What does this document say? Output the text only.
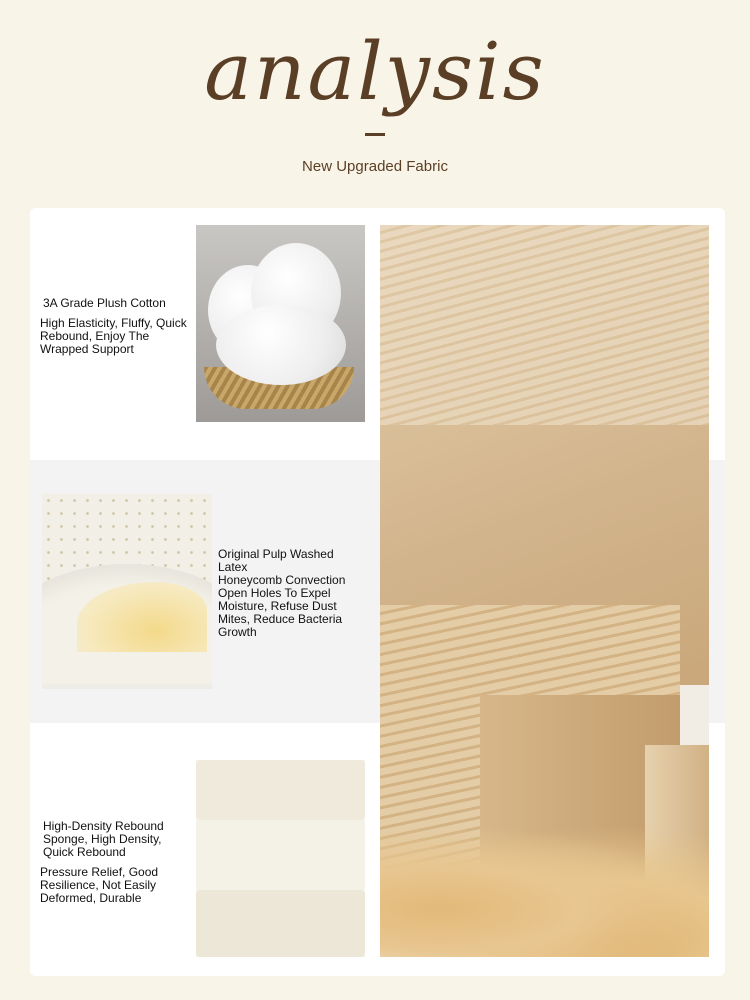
analysis
New Upgraded Fabric
3A Grade Plush Cotton
High Elasticity, Fluffy, Quick Rebound, Enjoy The Wrapped Support
Original Pulp Washed Latex
Honeycomb Convection Open Holes To Expel Moisture, Refuse Dust Mites, Reduce Bacteria Growth
High-Density Rebound Sponge, High Density, Quick Rebound
Pressure Relief, Good Resilience, Not Easily Deformed, Durable
